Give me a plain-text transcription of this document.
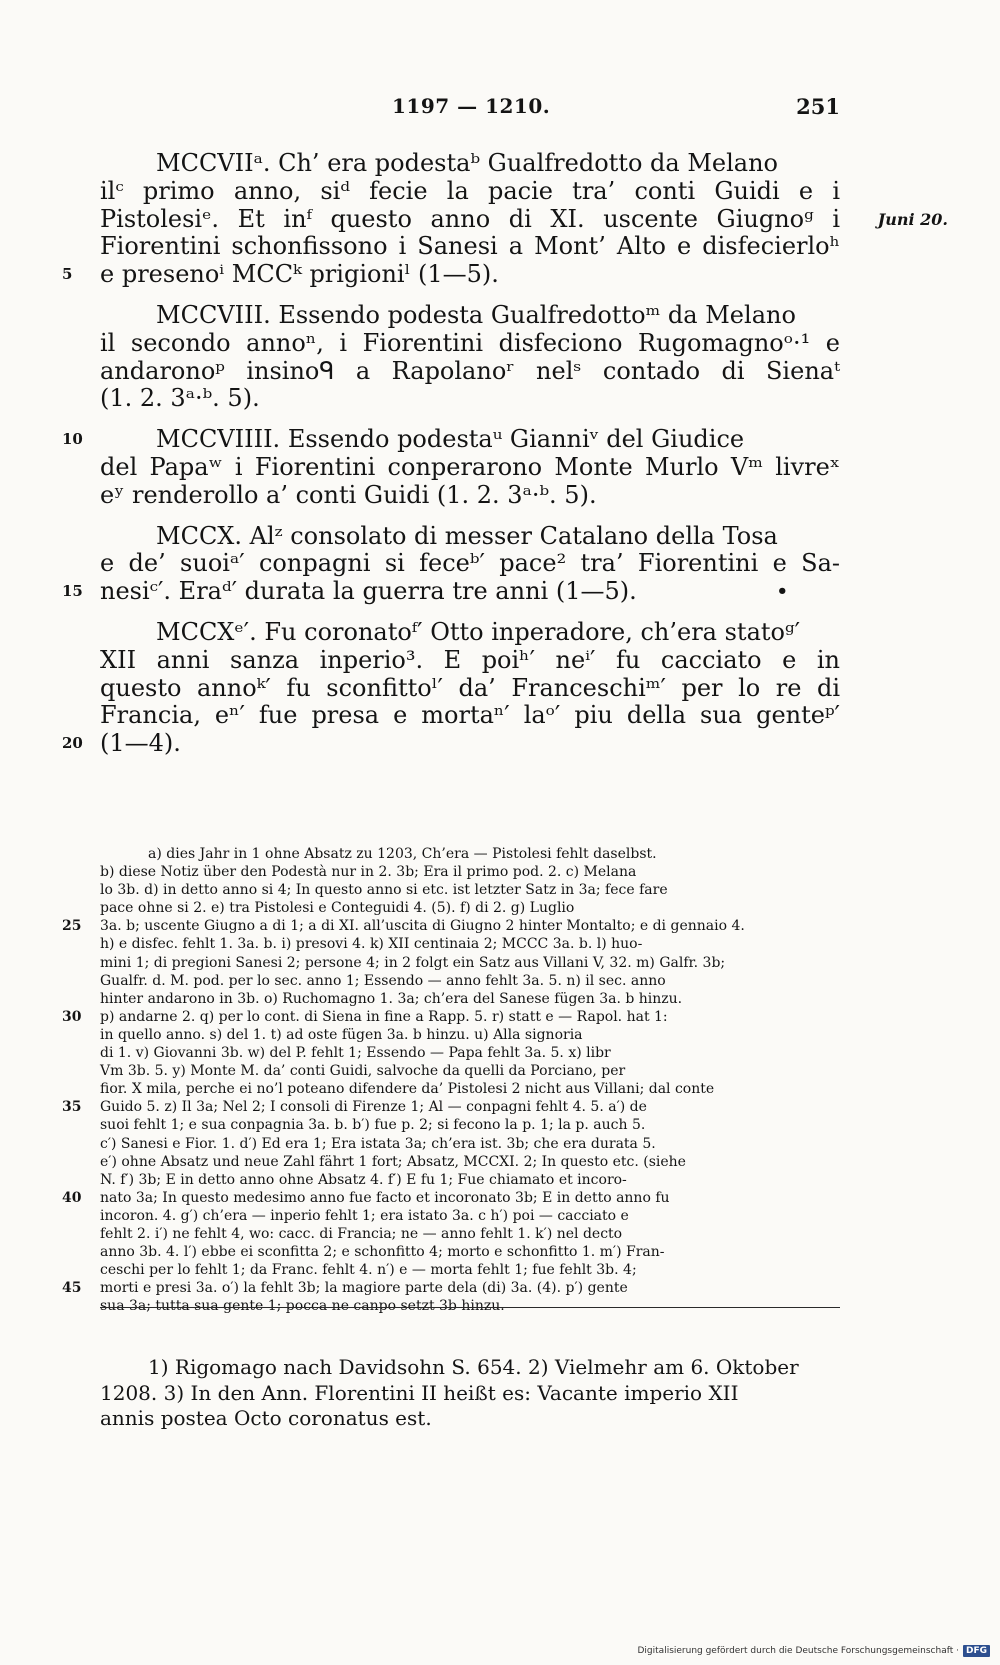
1197 — 1210.	251
MCCVIIᵃ. Ch’ era podestaᵇ Gualfredotto da Melano
ilᶜ primo anno, siᵈ fecie la pacie tra’ conti Guidi e i
Pistolesiᵉ. Et inᶠ questo anno di XI. uscente Giugnoᵍ i Juni 20.
Fiorentini schonfissono i Sanesi a Mont’ Alto e disfecierloʰ
5 e presenoⁱ MCCᵏ prigioniˡ (1—5).
MCCVIII. Essendo podesta Gualfredottoᵐ da Melano
il secondo annoⁿ, i Fiorentini disfeciono Rugomagnoᵒ·¹ e
andaronoᵖ insinoᑫ a Rapolanoʳ nelˢ contado di Sienaᵗ
(1. 2. 3ᵃ·ᵇ. 5).
10	MCCVIIII. Essendo podestaᵘ Gianniᵛ del Giudice
del Papaʷ i Fiorentini conperarono Monte Murlo Vᵐ livreˣ
eʸ renderollo a’ conti Guidi (1. 2. 3ᵃ·ᵇ. 5).
MCCX. Alᶻ consolato di messer Catalano della Tosa
e de’ suoiᵃ′ conpagni si feceᵇ′ pace² tra’ Fiorentini e Sa-
15 nesiᶜ′. Eraᵈ′ durata la guerra tre anni (1—5).	•
MCCXᵉ′. Fu coronatoᶠ′ Otto inperadore, ch’era statoᵍ′
XII anni sanza inperio³. E poiʰ′ neⁱ′ fu cacciato e in
questo annoᵏ′ fu sconfittoˡ′ da’ Franceschiᵐ′ per lo re di
Francia, eⁿ′ fue presa e mortaⁿ′ laᵒ′ piu della sua genteᵖ′
20 (1—4).
a) dies Jahr in 1 ohne Absatz zu 1203, Ch’era — Pistolesi fehlt daselbst.
b) diese Notiz über den Podestà nur in 2. 3b; Era il primo pod. 2. c) Melana
lo 3b. d) in detto anno si 4; In questo anno si etc. ist letzter Satz in 3a; fece fare
pace ohne si 2. e) tra Pistolesi e Conteguidi 4. (5). f) di 2. g) Luglio
25 3a. b; uscente Giugno a di 1; a di XI. all’uscita di Giugno 2 hinter Montalto; e di gennaio 4.
h) e disfec. fehlt 1. 3a. b. i) presovi 4. k) XII centinaia 2; MCCC 3a. b. l) huo-
mini 1; di pregioni Sanesi 2; persone 4; in 2 folgt ein Satz aus Villani V, 32. m) Galfr. 3b;
Gualfr. d. M. pod. per lo sec. anno 1; Essendo — anno fehlt 3a. 5. n) il sec. anno
hinter andarono in 3b. o) Ruchomagno 1. 3a; ch’era del Sanese fügen 3a. b hinzu.
30 p) andarne 2. q) per lo cont. di Siena in fine a Rapp. 5. r) statt e — Rapol. hat 1:
in quello anno. s) del 1. t) ad oste fügen 3a. b hinzu. u) Alla signoria
di 1. v) Giovanni 3b. w) del P. fehlt 1; Essendo — Papa fehlt 3a. 5. x) libr
Vm 3b. 5. y) Monte M. da’ conti Guidi, salvoche da quelli da Porciano, per
fior. X mila, perche ei no’l poteano difendere da’ Pistolesi 2 nicht aus Villani; dal conte
35 Guido 5. z) Il 3a; Nel 2; I consoli di Firenze 1; Al — conpagni fehlt 4. 5. a′) de
suoi fehlt 1; e sua conpagnia 3a. b. b′) fue p. 2; si fecono la p. 1; la p. auch 5.
c′) Sanesi e Fior. 1. d′) Ed era 1; Era istata 3a; ch’era ist. 3b; che era durata 5.
e′) ohne Absatz und neue Zahl fährt 1 fort; Absatz, MCCXI. 2; In questo etc. (siehe
N. f′) 3b; E in detto anno ohne Absatz 4. f′) E fu 1; Fue chiamato et incoro-
40 nato 3a; In questo medesimo anno fue facto et incoronato 3b; E in detto anno fu
incoron. 4. g′) ch’era — inperio fehlt 1; era istato 3a. c h′) poi — cacciato e
fehlt 2. i′) ne fehlt 4, wo: cacc. di Francia; ne — anno fehlt 1. k′) nel decto
anno 3b. 4. l′) ebbe ei sconfitta 2; e schonfitto 4; morto e schonfitto 1. m′) Fran-
ceschi per lo fehlt 1; da Franc. fehlt 4. n′) e — morta fehlt 1; fue fehlt 3b. 4;
45 morti e presi 3a. o′) la fehlt 3b; la magiore parte dela (di) 3a. (4). p′) gente
sua 3a; tutta sua gente 1; pocca ne canpo setzt 3b hinzu.
1) Rigomago nach Davidsohn S. 654. 2) Vielmehr am 6. Oktober
1208. 3) In den Ann. Florentini II heißt es: Vacante imperio XII
annis postea Octo coronatus est.
Digitalisierung gefördert durch die Deutsche Forschungsgemeinschaft · DFG
